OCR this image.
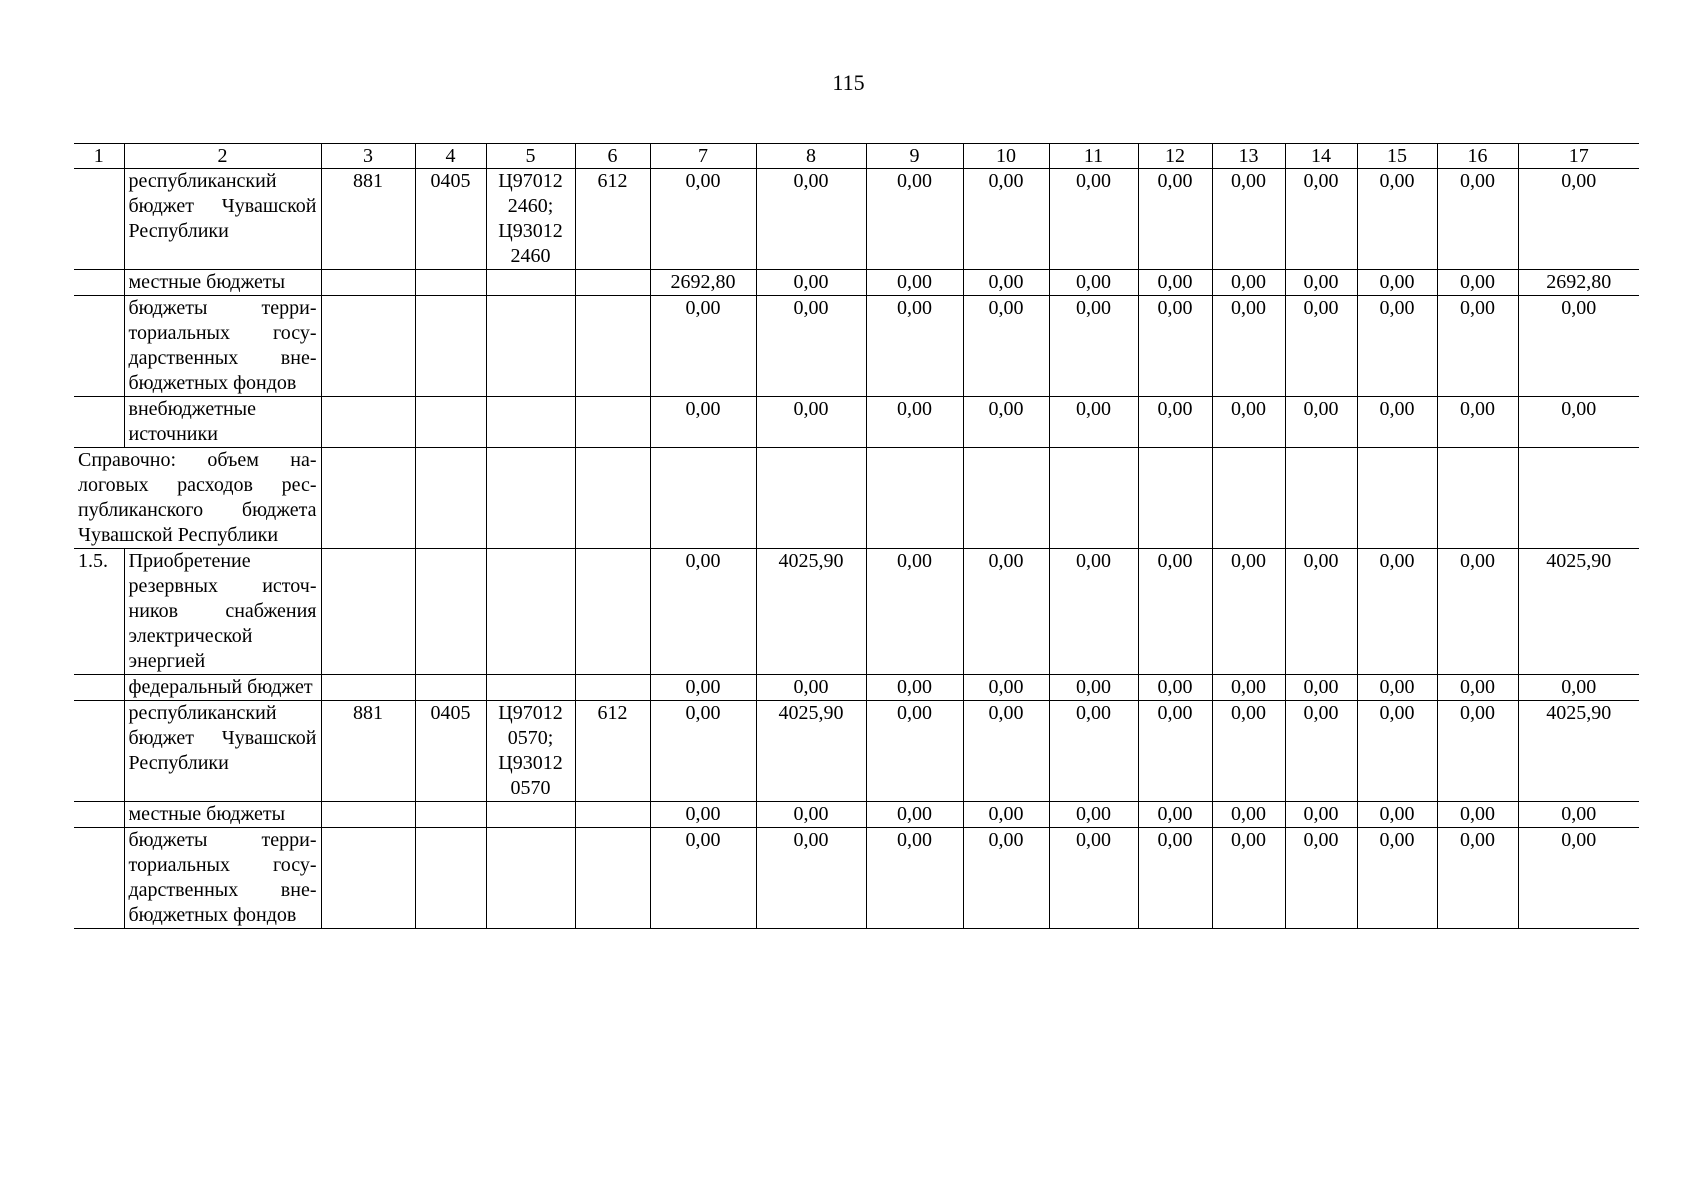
115
1	2	3	4	5	6	7	8	9	10	11	12	13	14	15	16	17
	республиканский бюджет Чувашской Республики	881	0405	Ц97012 2460; Ц93012 2460	612	0,00	0,00	0,00	0,00	0,00	0,00	0,00	0,00	0,00	0,00	0,00
	местные бюджеты					2692,80	0,00	0,00	0,00	0,00	0,00	0,00	0,00	0,00	0,00	2692,80
	бюджеты территориальных государственных внебюджетных фондов					0,00	0,00	0,00	0,00	0,00	0,00	0,00	0,00	0,00	0,00	0,00
	внебюджетные источники					0,00	0,00	0,00	0,00	0,00	0,00	0,00	0,00	0,00	0,00	0,00
Справочно: объем налоговых расходов республиканского бюджета Чувашской Республики																
1.5.	Приобретение резервных источников снабжения электрической энергией					0,00	4025,90	0,00	0,00	0,00	0,00	0,00	0,00	0,00	0,00	4025,90
	федеральный бюджет					0,00	0,00	0,00	0,00	0,00	0,00	0,00	0,00	0,00	0,00	0,00
	республиканский бюджет Чувашской Республики	881	0405	Ц97012 0570; Ц93012 0570	612	0,00	4025,90	0,00	0,00	0,00	0,00	0,00	0,00	0,00	0,00	4025,90
	местные бюджеты					0,00	0,00	0,00	0,00	0,00	0,00	0,00	0,00	0,00	0,00	0,00
	бюджеты территориальных государственных внебюджетных фондов					0,00	0,00	0,00	0,00	0,00	0,00	0,00	0,00	0,00	0,00	0,00
